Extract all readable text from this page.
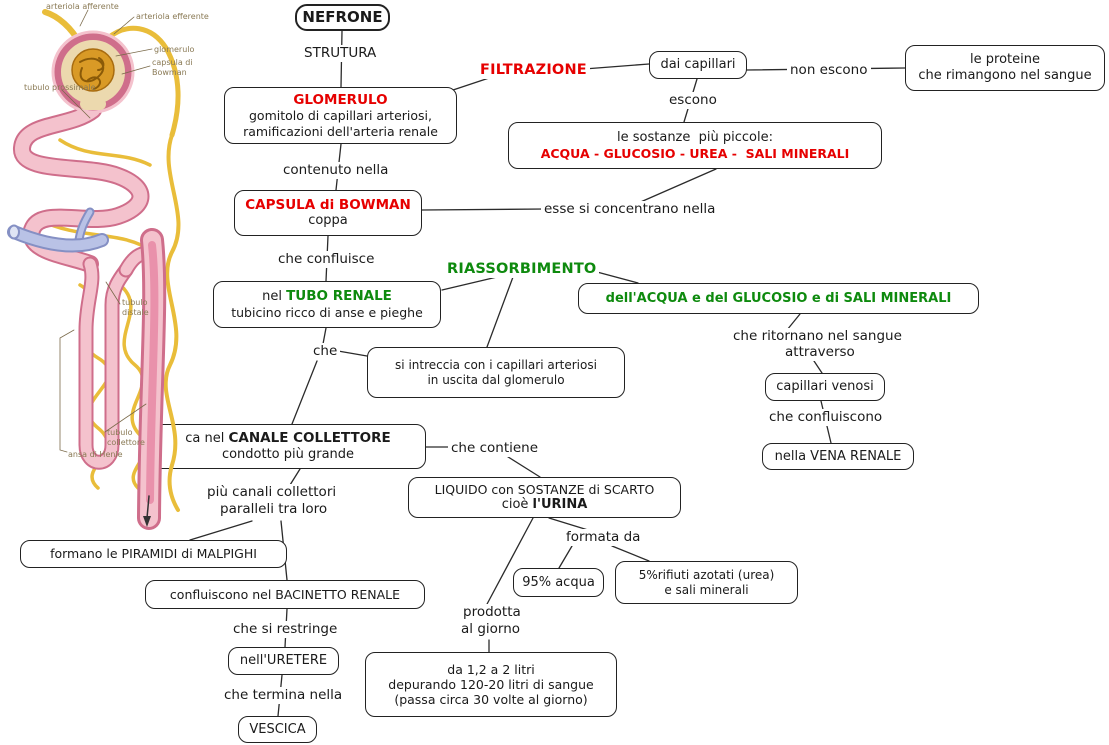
arteriola afferente
arteriola efferente
glomerulo
capsula di
Bowman
tubulo prossimale
tubulo
distale
tubulo
collettore
ansa di Henle
NEFRONE
GLOMERULO
gomitolo di capillari arteriosi,
ramificazioni dell'arteria renale
dai capillari	le proteine
che rimangono nel sangue
le sostanze  più piccole:
ACQUA - GLUCOSIO - UREA -  SALI MINERALI
CAPSULA di BOWMAN
coppa
nel TUBO RENALE
tubicino ricco di anse e pieghe
dell'ACQUA e del GLUCOSIO e di SALI MINERALI
si intreccia con i capillari arteriosi
in uscita dal glomerulo	capillari venosi
nella VENA RENALE
ca nel CANALE COLLETTORE
condotto più grande
LIQUIDO con SOSTANZE di SCARTO
cioè l'URINA
95% acqua	5%rifiuti azotati (urea)
e sali minerali
da 1,2 a 2 litri
depurando 120-20 litri di sangue
(passa circa 30 volte al giorno)
formano le PIRAMIDI di MALPIGHI
confluiscono nel BACINETTO RENALE
nell'URETERE
VESCICA
STRUTURA
FILTRAZIONE	non escono
escono
esse si concentrano nella
contenuto nella
che confluisce
RIASSORBIMENTO
che ritornano nel sangue
attraverso
che confluiscono
che
che contiene
più canali collettori
paralleli tra loro
formata da
prodotta
al giorno
che si restringe
che termina nella
